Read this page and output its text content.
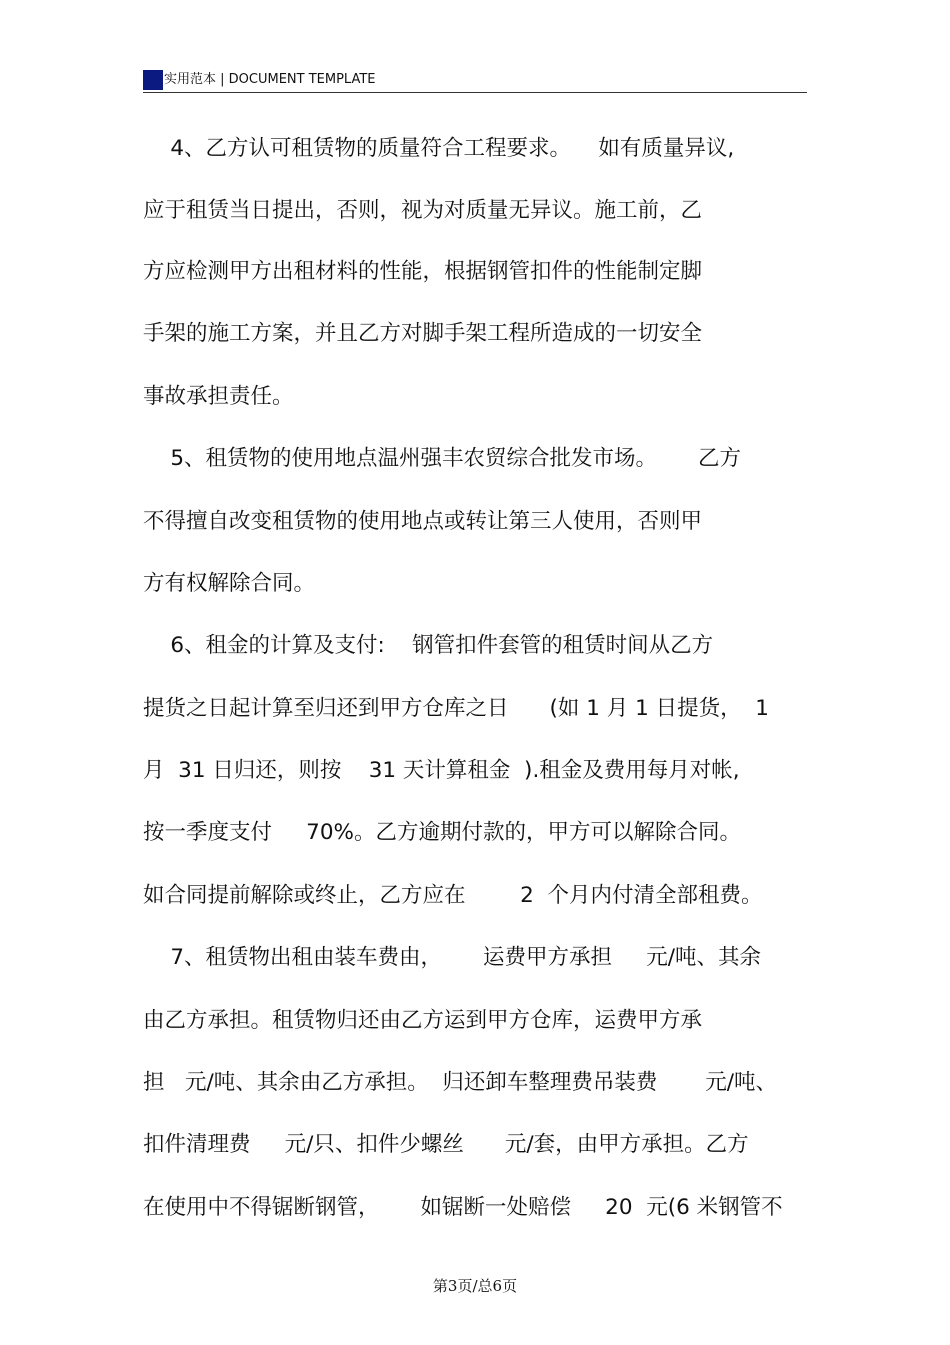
实用范本 | DOCUMENT TEMPLATE
4、乙方认可租赁物的质量符合工程要求。    如有质量异议,
应于租赁当日提出，否则，视为对质量无异议。施工前，乙
方应检测甲方出租材料的性能，根据钢管扣件的性能制定脚
手架的施工方案，并且乙方对脚手架工程所造成的一切安全
事故承担责任。
5、租赁物的使用地点温州强丰农贸综合批发市场。      乙方
不得擅自改变租赁物的使用地点或转让第三人使用，否则甲
方有权解除合同。
6、租金的计算及支付:    钢管扣件套管的租赁时间从乙方
提货之日起计算至归还到甲方仓库之日      (如 1 月 1 日提货，  1
月  31 日归还，则按    31 天计算租金  ).租金及费用每月对帐,
按一季度支付     70%。乙方逾期付款的，甲方可以解除合同。
如合同提前解除或终止，乙方应在        2  个月内付清全部租费。
7、租赁物出租由装车费由，      运费甲方承担     元/吨、其余
由乙方承担。租赁物归还由乙方运到甲方仓库，运费甲方承
担   元/吨、其余由乙方承担。  归还卸车整理费吊装费       元/吨、
扣件清理费     元/只、扣件少螺丝      元/套，由甲方承担。乙方
在使用中不得锯断钢管，      如锯断一处赔偿     20  元(6 米钢管不
第3页/总6页
